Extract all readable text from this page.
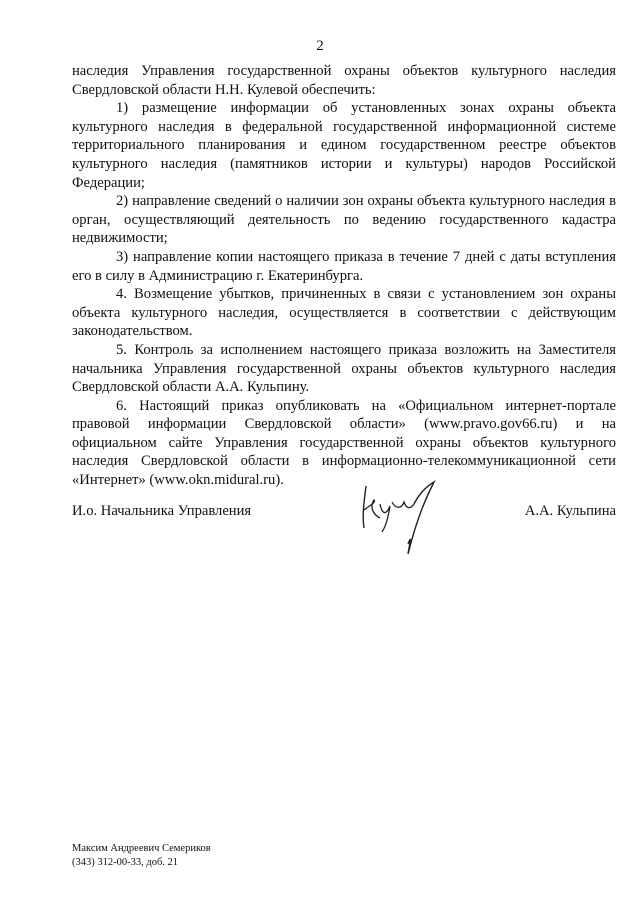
2

наследия Управления государственной охраны объектов культурного наследия Свердловской области Н.Н. Кулевой обеспечить:

1) размещение информации об установленных зонах охраны объекта культурного наследия в федеральной государственной информационной системе территориального планирования и едином государственном реестре объектов культурного наследия (памятников истории и культуры) народов Российской Федерации;

2) направление сведений о наличии зон охраны объекта культурного наследия в орган, осуществляющий деятельность по ведению государственного кадастра недвижимости;

3) направление копии настоящего приказа в течение 7 дней с даты вступления его в силу в Администрацию г. Екатеринбурга.

4. Возмещение убытков, причиненных в связи с установлением зон охраны объекта культурного наследия, осуществляется в соответствии с действующим законодательством.

5. Контроль за исполнением настоящего приказа возложить на Заместителя начальника Управления государственной охраны объектов культурного наследия Свердловской области А.А. Кульпину.

6. Настоящий приказ опубликовать на «Официальном интернет-портале правовой информации Свердловской области» (www.pravo.gov66.ru) и на официальном сайте Управления государственной охраны объектов культурного наследия Свердловской области в информационно-телекоммуникационной сети «Интернет» (www.okn.midural.ru).

И.о. Начальника Управления	А.А. Кульпина
Максим Андреевич Семериков
(343) 312-00-33, доб. 21
